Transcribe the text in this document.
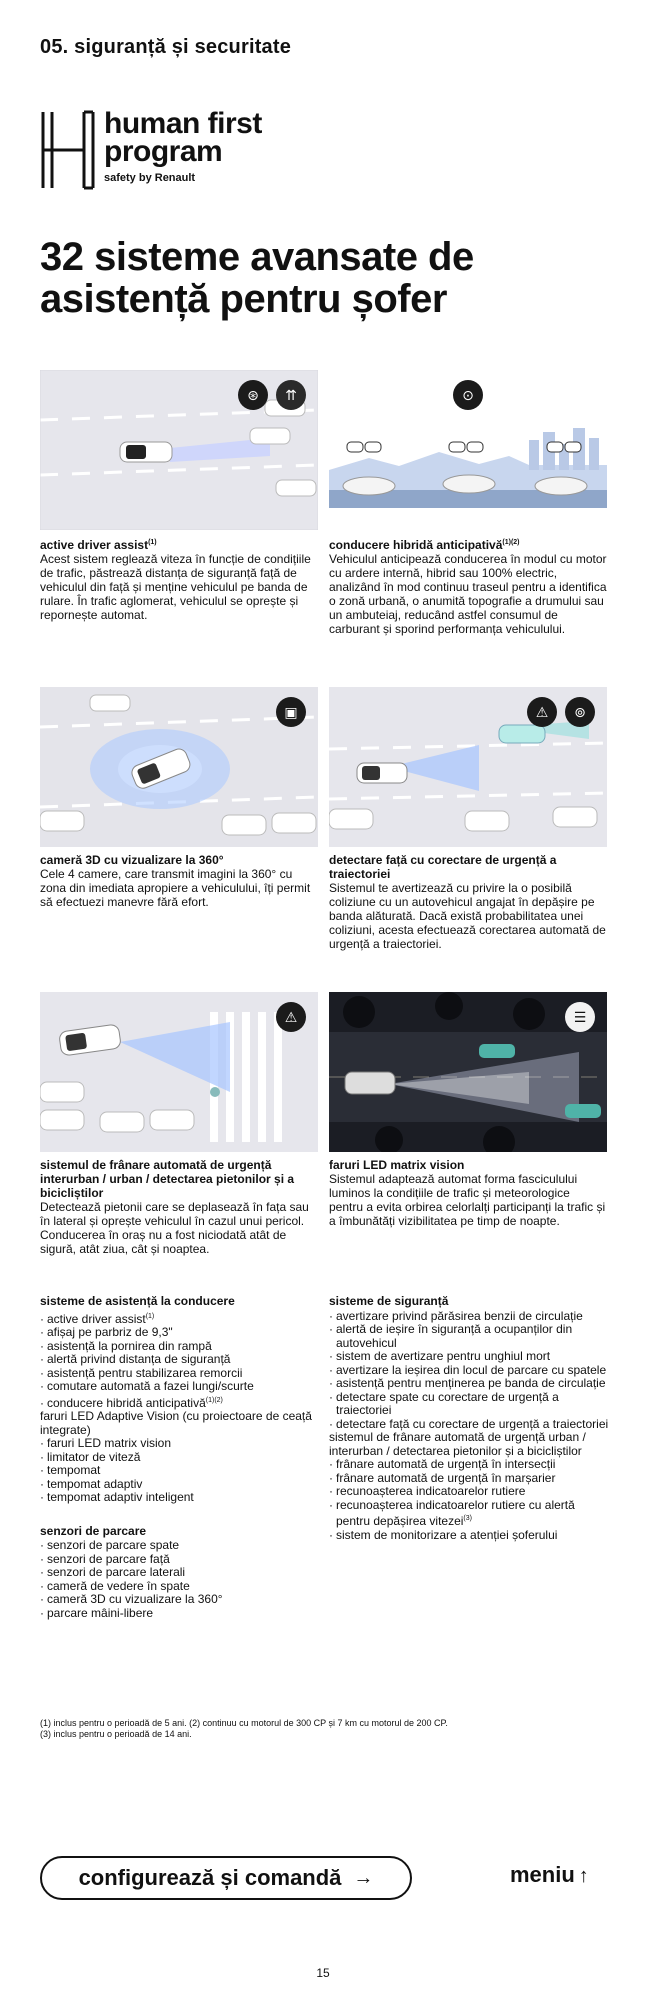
05. siguranță și securitate
human first
program
safety by Renault
32 sisteme avansate de
asistență pentru șofer
⊛	⇈
active driver assist$^{(1)}$
Acest sistem reglează viteza în funcție de condițiile de trafic, păstrează distanța de siguranță față de vehiculul din față și menține vehiculul pe banda de rulare. În trafic aglomerat, vehiculul se oprește și repornește automat.
⊙
conducere hibridă anticipativă$^{(1)(2)}$
Vehiculul anticipează conducerea în modul cu motor cu ardere internă, hibrid sau 100% electric, analizând în mod continuu traseul pentru a identifica o zonă urbană, o anumită topografie a drumului sau un ambuteiaj, reducând astfel consumul de carburant și sporind performanța vehiculului.
▣
cameră 3D cu vizualizare la 360°
Cele 4 camere, care transmit imagini la 360° cu zona din imediata apropiere a vehiculului, îți permit să efectuezi manevre fără efort.
⚠	⊚
detectare față cu corectare de urgență a traiectoriei
Sistemul te avertizează cu privire la o posibilă coliziune cu un autovehicul angajat în depășire pe banda alăturată. Dacă există probabilitatea unei coliziuni, acesta efectuează corectarea automată de urgență a traiectoriei.
⚠
sistemul de frânare automată de urgență interurban / urban / detectarea pietonilor și a bicicliștilor
Detectează pietonii care se deplasează în fața sau în lateral și oprește vehiculul în cazul unui pericol. Conducerea în oraș nu a fost niciodată atât de sigură, atât ziua, cât și noaptea.
☰
faruri LED matrix vision
Sistemul adaptează automat forma fasciculului luminos la condițiile de trafic și meteorologice pentru a evita orbirea celorlalți participanți la trafic și a îmbunătăți vizibilitatea pe timp de noapte.
sisteme de asistență la conducere
· active driver assist$^{(1)}$
· afișaj pe parbriz de 9,3"
· asistență la pornirea din rampă
· alertă privind distanța de siguranță
· asistență pentru stabilizarea remorcii
· comutare automată a fazei lungi/scurte
· conducere hibridă anticipativă$^{(1)(2)}$
faruri LED Adaptive Vision (cu proiectoare de ceață integrate)
· faruri LED matrix vision
· limitator de viteză
· tempomat
· tempomat adaptiv
· tempomat adaptiv inteligent
senzori de parcare
· senzori de parcare spate
· senzori de parcare față
· senzori de parcare laterali
· cameră de vedere în spate
· cameră 3D cu vizualizare la 360°
· parcare mâini-libere
sisteme de siguranță
· avertizare privind părăsirea benzii de circulație
· alertă de ieșire în siguranță a ocupanților din autovehicul
· sistem de avertizare pentru unghiul mort
· avertizare la ieșirea din locul de parcare cu spatele
· asistență pentru menținerea pe banda de circulație
· detectare spate cu corectare de urgență a traiectoriei
· detectare față cu corectare de urgență a traiectoriei
sistemul de frânare automată de urgență urban / interurban / detectarea pietonilor și a bicicliștilor
· frânare automată de urgență în intersecții
· frânare automată de urgență în marșarier
· recunoașterea indicatoarelor rutiere
· recunoașterea indicatoarelor rutiere cu alertă pentru depășirea vitezei$^{(3)}$
· sistem de monitorizare a atenției șoferului
(1) inclus pentru o perioadă de 5 ani. (2) continuu cu motorul de 300 CP și 7 km cu motorul de 200 CP.
(3) inclus pentru o perioadă de 14 ani.
configurează și comandă →	meniu ↑
15
